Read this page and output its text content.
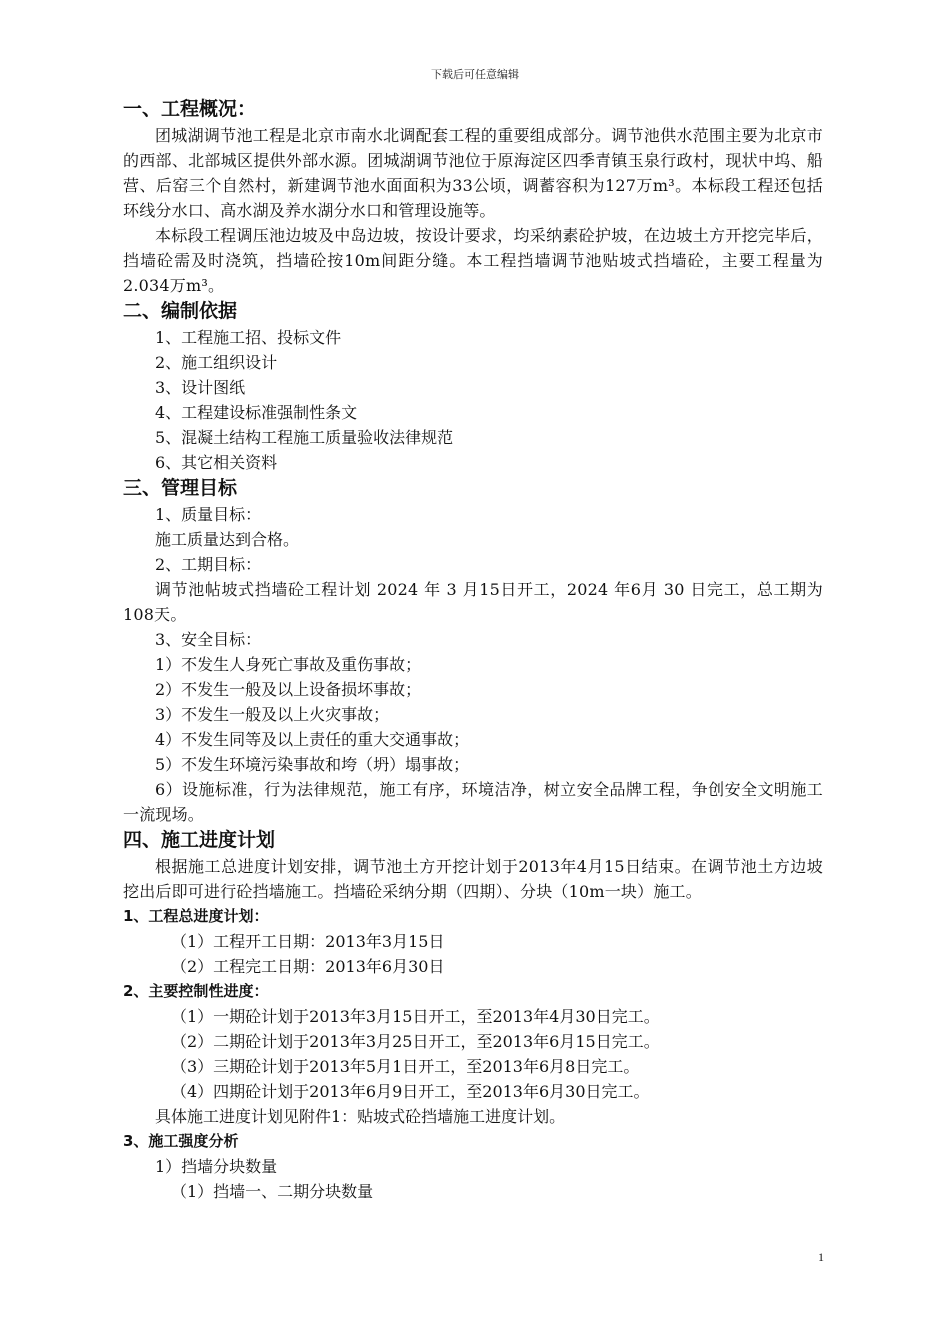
下载后可任意编辑
一、工程概况：
团城湖调节池工程是北京市南水北调配套工程的重要组成部分。调节池供水范围主要为北京市的西部、北部城区提供外部水源。团城湖调节池位于原海淀区四季青镇玉泉行政村，现状中坞、船营、后窑三个自然村，新建调节池水面面积为33公顷，调蓄容积为127万m³。本标段工程还包括环线分水口、高水湖及养水湖分水口和管理设施等。
本标段工程调压池边坡及中岛边坡，按设计要求，均采纳素砼护坡，在边坡土方开挖完毕后，挡墙砼需及时浇筑，挡墙砼按10m间距分缝。本工程挡墙调节池贴坡式挡墙砼，主要工程量为2.034万m³。
二、编制依据
1、工程施工招、投标文件
2、施工组织设计
3、设计图纸
4、工程建设标准强制性条文
5、混凝土结构工程施工质量验收法律规范
6、其它相关资料
三、管理目标
1、质量目标：
施工质量达到合格。
2、工期目标：
调节池帖坡式挡墙砼工程计划 2024 年 3 月15日开工，2024 年6月 30 日完工，总工期为108天。
3、安全目标：
1）不发生人身死亡事故及重伤事故；
2）不发生一般及以上设备损坏事故；
3）不发生一般及以上火灾事故；
4）不发生同等及以上责任的重大交通事故；
5）不发生环境污染事故和垮（坍）塌事故；
6）设施标准，行为法律规范，施工有序，环境洁净，树立安全品牌工程，争创安全文明施工一流现场。
四、施工进度计划
根据施工总进度计划安排，调节池土方开挖计划于2013年4月15日结束。在调节池土方边坡挖出后即可进行砼挡墙施工。挡墙砼采纳分期（四期）、分块（10m一块）施工。
1、工程总进度计划：
（1）工程开工日期：2013年3月15日
（2）工程完工日期：2013年6月30日
2、主要控制性进度：
（1）一期砼计划于2013年3月15日开工，至2013年4月30日完工。
（2）二期砼计划于2013年3月25日开工，至2013年6月15日完工。
（3）三期砼计划于2013年5月1日开工，至2013年6月8日完工。
（4）四期砼计划于2013年6月9日开工，至2013年6月30日完工。
具体施工进度计划见附件1：贴坡式砼挡墙施工进度计划。
3、施工强度分析
1）挡墙分块数量
（1）挡墙一、二期分块数量
1
